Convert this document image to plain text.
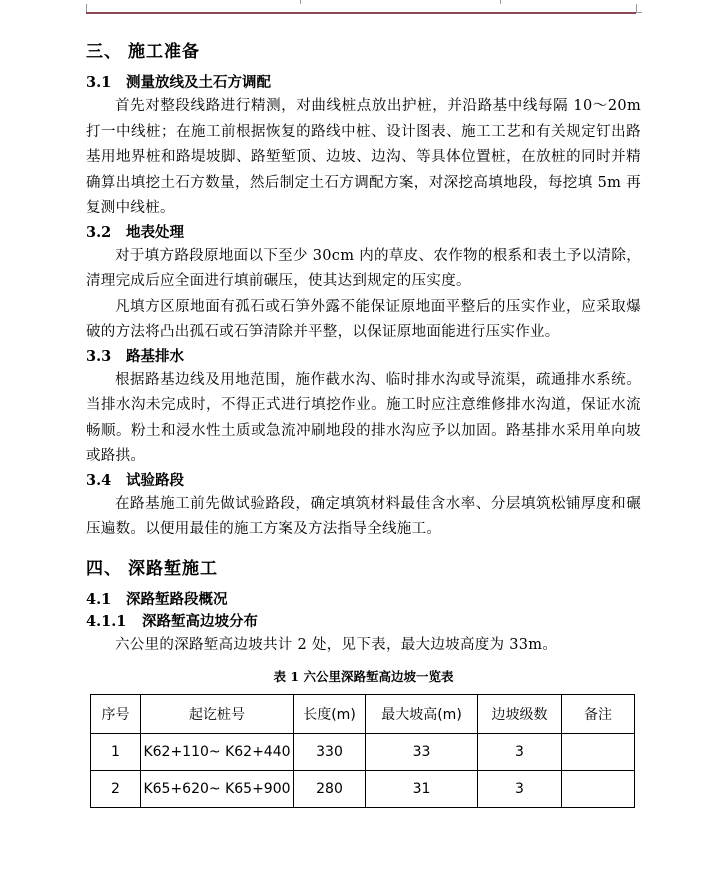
三、 施工准备
3.1 测量放线及土石方调配

首先对整段线路进行精测，对曲线桩点放出护桩，并沿路基中线每隔 10～20m 打一中线桩；在施工前根据恢复的路线中桩、设计图表、施工工艺和有关规定钉出路基用地界桩和路堤坡脚、路堑堑顶、边坡、边沟、等具体位置桩，在放桩的同时并精确算出填挖土石方数量，然后制定土石方调配方案，对深挖高填地段，每挖填 5m 再复测中线桩。

3.2 地表处理

对于填方路段原地面以下至少 30cm 内的草皮、农作物的根系和表土予以清除，清理完成后应全面进行填前碾压，使其达到规定的压实度。

凡填方区原地面有孤石或石笋外露不能保证原地面平整后的压实作业，应采取爆破的方法将凸出孤石或石笋清除并平整，以保证原地面能进行压实作业。

3.3 路基排水

根据路基边线及用地范围，施作截水沟、临时排水沟或导流渠，疏通排水系统。当排水沟未完成时，不得正式进行填挖作业。施工时应注意维修排水沟道，保证水流畅顺。粉土和浸水性土质或急流冲刷地段的排水沟应予以加固。路基排水采用单向坡或路拱。

3.4 试验路段

在路基施工前先做试验路段，确定填筑材料最佳含水率、分层填筑松铺厚度和碾压遍数。以便用最佳的施工方案及方法指导全线施工。

四、 深路堑施工
4.1 深路堑路段概况
4.1.1 深路堑高边坡分布

六公里的深路堑高边坡共计 2 处，见下表，最大边坡高度为 33m。

表 1 六公里深路堑高边坡一览表
序号	起讫桩号	长度(m)	最大坡高(m)	边坡级数	备注
1	K62+110~ K62+440	330	33	3	
2	K65+620~ K65+900	280	31	3	
